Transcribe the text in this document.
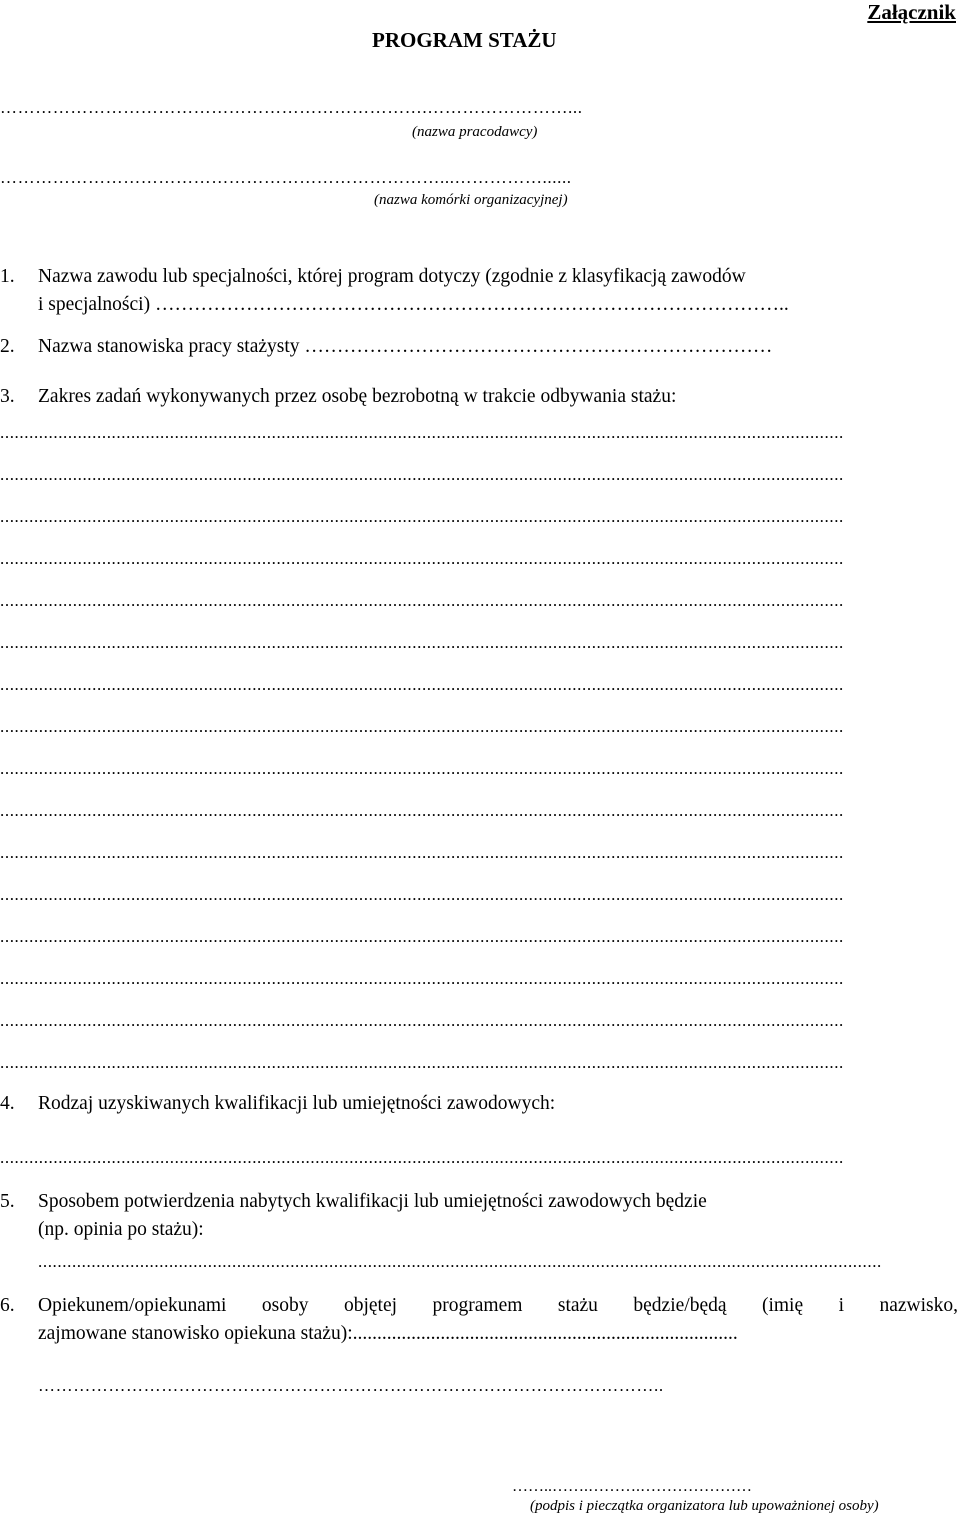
Załącznik
PROGRAM STAŻU
……………………………………………………………….……………………...
(nazwa pracodawcy)
…………………………………………………………………...……………......
(nazwa komórki organizacyjnej)
1. Nazwa zawodu lub specjalności, której program dotyczy (zgodnie z klasyfikacją zawodów
i specjalności) ……………………………………………………………………………………..
2. Nazwa stanowiska pracy stażysty ………………………………………………………………
3. Zakres zadań wykonywanych przez osobę bezrobotną w trakcie odbywania stażu:
..............................................................................................................................................................................
..............................................................................................................................................................................
..............................................................................................................................................................................
..............................................................................................................................................................................
..............................................................................................................................................................................
..............................................................................................................................................................................
..............................................................................................................................................................................
..............................................................................................................................................................................
..............................................................................................................................................................................
..............................................................................................................................................................................
..............................................................................................................................................................................
..............................................................................................................................................................................
..............................................................................................................................................................................
..............................................................................................................................................................................
..............................................................................................................................................................................
..............................................................................................................................................................................
4. Rodzaj uzyskiwanych kwalifikacji lub umiejętności zawodowych:
..............................................................................................................................................................................
5. Sposobem potwierdzenia nabytych kwalifikacji lub umiejętności zawodowych będzie
(np. opinia po stażu):
..............................................................................................................................................................................
6. Opiekunem/opiekunami osoby objętej programem stażu będzie/będą (imię i nazwisko,
zajmowane stanowisko opiekuna stażu):...............................................................................
……………………………………………………………………………………………..
……..…….……….…………………
(podpis i pieczątka organizatora lub upoważnionej osoby)
